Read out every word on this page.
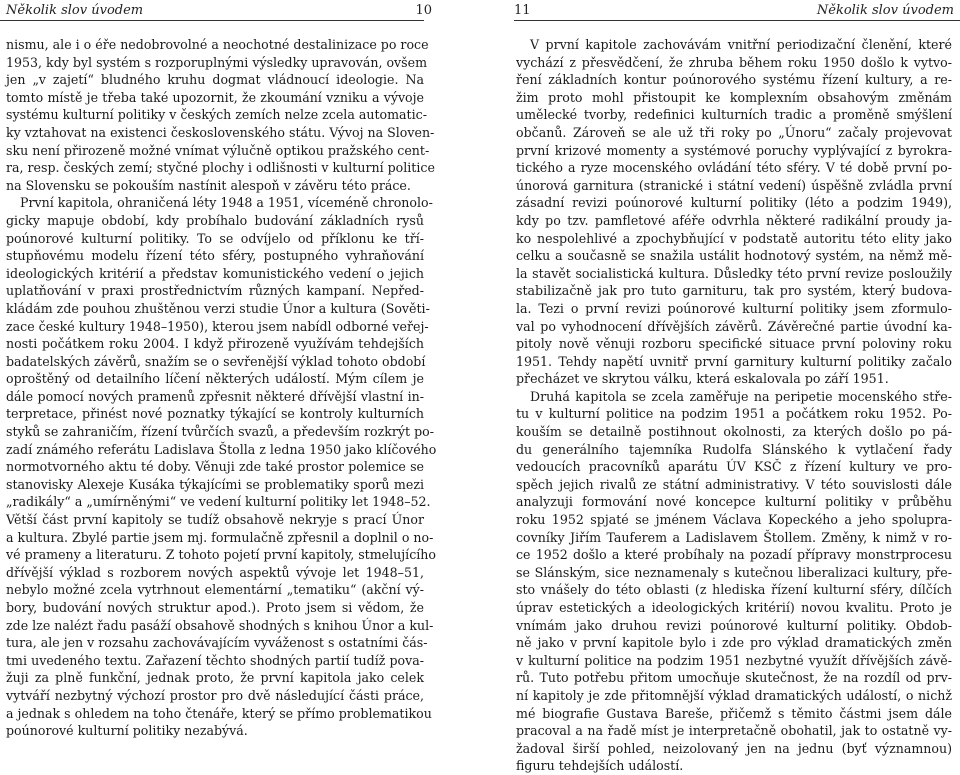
Několik slov úvodem	10
nismu, ale i o éře nedobrovolné a neochotné destalinizace po roce
1953, kdy byl systém s rozporuplnými výsledky upravován, ovšem
jen „v zajetí“ bludného kruhu dogmat vládnoucí ideologie. Na
tomto místě je třeba také upozornit, že zkoumání vzniku a vývoje
systému kulturní politiky v českých zemích nelze zcela automatic-
ky vztahovat na existenci československého státu. Vývoj na Sloven-
sku není přirozeně možné vnímat výlučně optikou pražského cent-
ra, resp. českých zemí; styčné plochy i odlišnosti v kulturní politice
na Slovensku se pokouším nastínit alespoň v závěru této práce.
První kapitola, ohraničená léty 1948 a 1951, víceméně chronolo-
gicky mapuje období, kdy probíhalo budování základních rysů
poúnorové kulturní politiky. To se odvíjelo od příklonu ke tří-
stupňovému modelu řízení této sféry, postupného vyhraňování
ideologických kritérií a představ komunistického vedení o jejich
uplatňování v praxi prostřednictvím různých kampaní. Nepřed-
kládám zde pouhou zhuštěnou verzi studie Únor a kultura (Sověti-
zace české kultury 1948–1950), kterou jsem nabídl odborné veřej-
nosti počátkem roku 2004. I když přirozeně využívám tehdejších
badatelských závěrů, snažím se o sevřenější výklad tohoto období
oproštěný od detailního líčení některých událostí. Mým cílem je
dále pomocí nových pramenů zpřesnit některé dřívější vlastní in-
terpretace, přinést nové poznatky týkající se kontroly kulturních
styků se zahraničím, řízení tvůrčích svazů, a především rozkrýt po-
zadí známého referátu Ladislava Štolla z ledna 1950 jako klíčového
normotvorného aktu té doby. Věnuji zde také prostor polemice se
stanovisky Alexeje Kusáka týkajícími se problematiky sporů mezi
„radikály“ a „umírněnými“ ve vedení kulturní politiky let 1948–52.
Větší část první kapitoly se tudíž obsahově nekryje s prací Únor
a kultura. Zbylé partie jsem mj. formulačně zpřesnil a doplnil o no-
vé prameny a literaturu. Z tohoto pojetí první kapitoly, stmelujícího
dřívější výklad s rozborem nových aspektů vývoje let 1948–51,
nebylo možné zcela vytrhnout elementární „tematiku“ (akční vý-
bory, budování nových struktur apod.). Proto jsem si vědom, že
zde lze nalézt řadu pasáží obsahově shodných s knihou Únor a kul-
tura, ale jen v rozsahu zachovávajícím vyváženost s ostatními čás-
tmi uvedeného textu. Zařazení těchto shodných partií tudíž pova-
žuji za plně funkční, jednak proto, že první kapitola jako celek
vytváří nezbytný výchozí prostor pro dvě následující části práce,
a jednak s ohledem na toho čtenáře, který se přímo problematikou
poúnorové kulturní politiky nezabývá.
11	Několik slov úvodem
V první kapitole zachovávám vnitřní periodizační členění, které
vychází z přesvědčení, že zhruba během roku 1950 došlo k vytvo-
ření základních kontur poúnorového systému řízení kultury, a re-
žim proto mohl přistoupit ke komplexním obsahovým změnám
umělecké tvorby, redefinici kulturních tradic a proměně smýšlení
občanů. Zároveň se ale už tři roky po „Únoru“ začaly projevovat
první krizové momenty a systémové poruchy vyplývající z byrokra-
tického a ryze mocenského ovládání této sféry. V té době první po-
únorová garnitura (stranické i státní vedení) úspěšně zvládla první
zásadní revizi poúnorové kulturní politiky (léto a podzim 1949),
kdy po tzv. pamfletové aféře odvrhla některé radikální proudy ja-
ko nespolehlivé a zpochybňující v podstatě autoritu této elity jako
celku a současně se snažila ustálit hodnotový systém, na němž mě-
la stavět socialistická kultura. Důsledky této první revize posloužily
stabilizačně jak pro tuto garnituru, tak pro systém, který budova-
la. Tezi o první revizi poúnorové kulturní politiky jsem zformulo-
val po vyhodnocení dřívějších závěrů. Závěrečné partie úvodní ka-
pitoly nově věnuji rozboru specifické situace první poloviny roku
1951. Tehdy napětí uvnitř první garnitury kulturní politiky začalo
přecházet ve skrytou válku, která eskalovala po září 1951.
Druhá kapitola se zcela zaměřuje na peripetie mocenského stře-
tu v kulturní politice na podzim 1951 a počátkem roku 1952. Po-
kouším se detailně postihnout okolnosti, za kterých došlo po pá-
du generálního tajemníka Rudolfa Slánského k vytlačení řady
vedoucích pracovníků aparátu ÚV KSČ z řízení kultury ve pro-
spěch jejich rivalů ze státní administrativy. V této souvislosti dále
analyzuji formování nové koncepce kulturní politiky v průběhu
roku 1952 spjaté se jménem Václava Kopeckého a jeho spolupra-
covníky Jiřím Tauferem a Ladislavem Štollem. Změny, k nimž v ro-
ce 1952 došlo a které probíhaly na pozadí přípravy monstrprocesu
se Slánským, sice neznamenaly s kutečnou liberalizaci kultury, pře-
sto vnášely do této oblasti (z hlediska řízení kulturní sféry, dílčích
úprav estetických a ideologických kritérií) novou kvalitu. Proto je
vnímám jako druhou revizi poúnorové kulturní politiky. Obdob-
ně jako v první kapitole bylo i zde pro výklad dramatických změn
v kulturní politice na podzim 1951 nezbytné využít dřívějších závě-
rů. Tuto potřebu přitom umocňuje skutečnost, že na rozdíl od prv-
ní kapitoly je zde přitomnější výklad dramatických událostí, o nichž
mé biografie Gustava Bareše, přičemž s těmito částmi jsem dále
pracoval a na řadě míst je interpretačně obohatil, jak to ostatně vy-
žadoval širší pohled, neizolovaný jen na jednu (byť významnou)
figuru tehdejších událostí.
